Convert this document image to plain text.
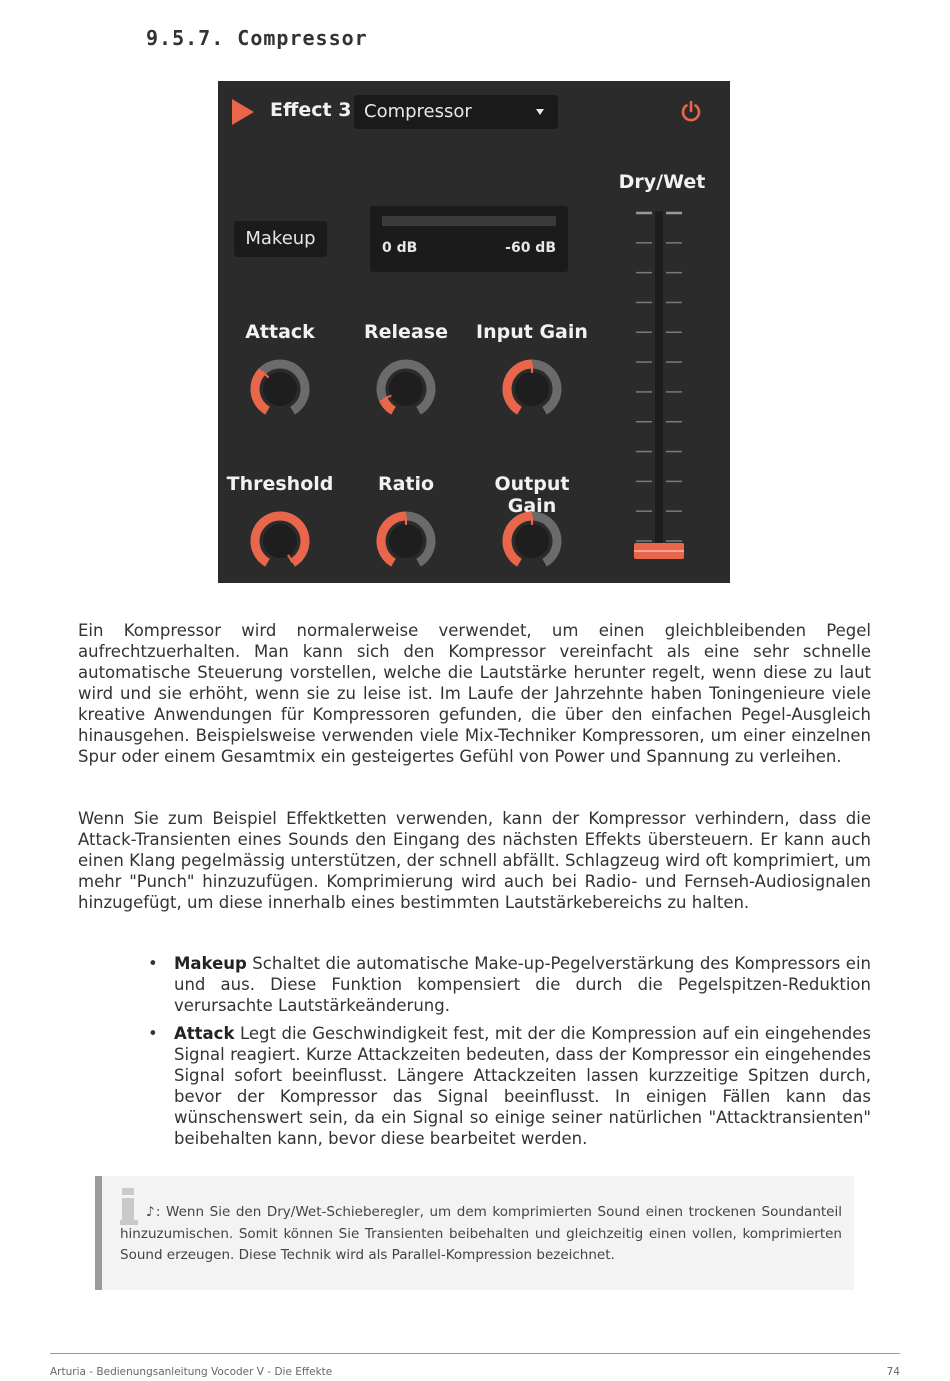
9.5.7. Compressor
Effect 3 Compressor
Dry/Wet
Makeup	0 dB	-60 dB
Attack	Release	Input Gain
Threshold	Ratio	Output Gain

Ein Kompressor wird normalerweise verwendet, um einen gleichbleibenden Pegel aufrechtzuerhalten. Man kann sich den Kompressor vereinfacht als eine sehr schnelle automatische Steuerung vorstellen, welche die Lautstärke herunter regelt, wenn diese zu laut wird und sie erhöht, wenn sie zu leise ist. Im Laufe der Jahrzehnte haben Toningenieure viele kreative Anwendungen für Kompressoren gefunden, die über den einfachen Pegel-Ausgleich hinausgehen. Beispielsweise verwenden viele Mix-Techniker Kompressoren, um einer einzelnen Spur oder einem Gesamtmix ein gesteigertes Gefühl von Power und Spannung zu verleihen.

Wenn Sie zum Beispiel Effektketten verwenden, kann der Kompressor verhindern, dass die Attack-Transienten eines Sounds den Eingang des nächsten Effekts übersteuern. Er kann auch einen Klang pegelmässig unterstützen, der schnell abfällt. Schlagzeug wird oft komprimiert, um mehr "Punch" hinzuzufügen. Komprimierung wird auch bei Radio- und Fernseh-Audiosignalen hinzugefügt, um diese innerhalb eines bestimmten Lautstärkebereichs zu halten.

• Makeup Schaltet die automatische Make-up-Pegelverstärkung des Kompressors ein und aus. Diese Funktion kompensiert die durch die Pegelspitzen-Reduktion verursachte Lautstärkeänderung.
• Attack Legt die Geschwindigkeit fest, mit der die Kompression auf ein eingehendes Signal reagiert. Kurze Attackzeiten bedeuten, dass der Kompressor ein eingehendes Signal sofort beeinflusst. Längere Attackzeiten lassen kurzzeitige Spitzen durch, bevor der Kompressor das Signal beeinflusst. In einigen Fällen kann das wünschenswert sein, da ein Signal so einige seiner natürlichen "Attacktransienten" beibehalten kann, bevor diese bearbeitet werden.

♪: Wenn Sie den Dry/Wet-Schieberegler, um dem komprimierten Sound einen trockenen Soundanteil hinzuzumischen. Somit können Sie Transienten beibehalten und gleichzeitig einen vollen, komprimierten Sound erzeugen. Diese Technik wird als Parallel-Kompression bezeichnet.

Arturia - Bedienungsanleitung Vocoder V - Die Effekte	74
